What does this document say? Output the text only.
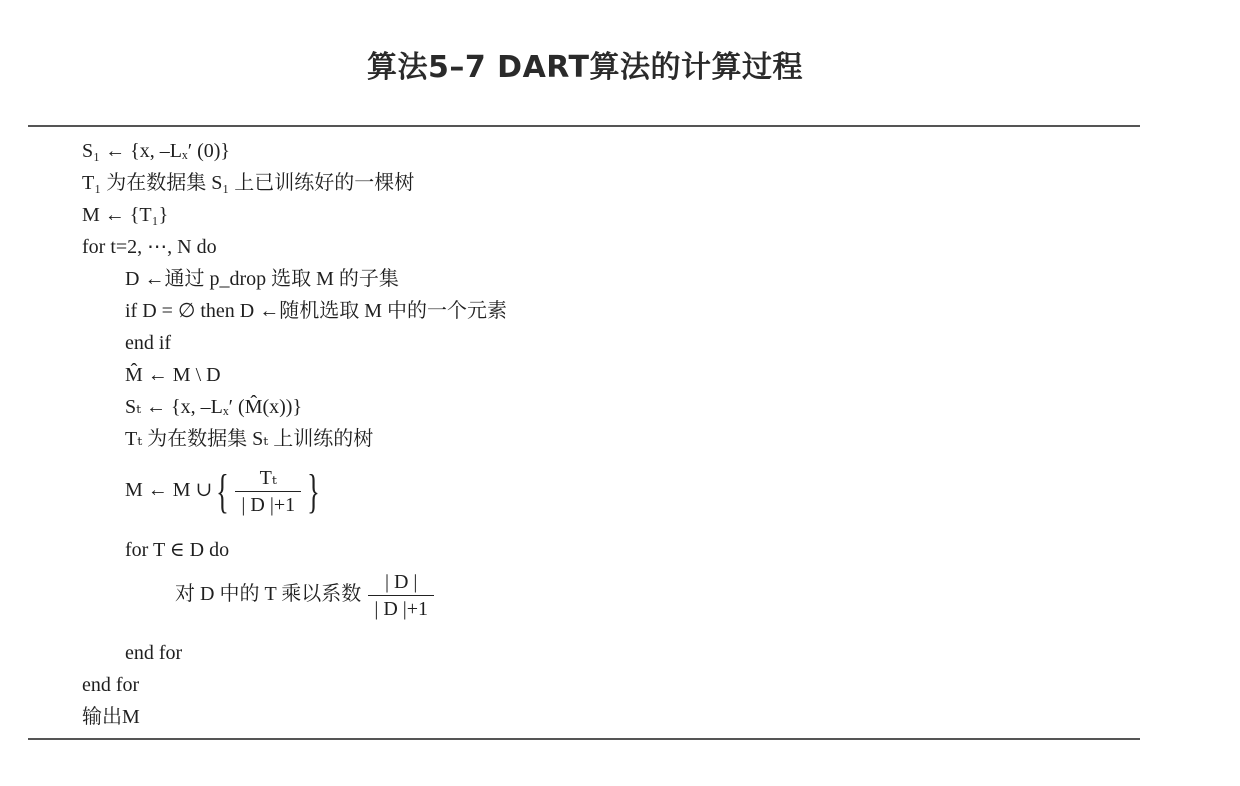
算法5–7 DART算法的计算过程
S₁ ← {x, –Lₓ′ (0)}
T₁ 为在数据集 S₁ 上已训练好的一棵树
M ← {T₁}
for t=2, ⋯, N do
D ←通过 p_drop 选取 M 的子集
if D = ∅ then D ←随机选取 M 中的一个元素
end if
M̂ ← M \ D
Sₜ ← {x, –Lₓ′ (M̂(x))}
Tₜ 为在数据集 Sₜ 上训练的树
M ← M ∪ { $\frac{\text{Tₜ}}{| D |+1}$ }
for T ∈ D do
对 D 中的 T 乘以系数 $\frac{| D |}{| D |+1}$
end for
end for
输出M
